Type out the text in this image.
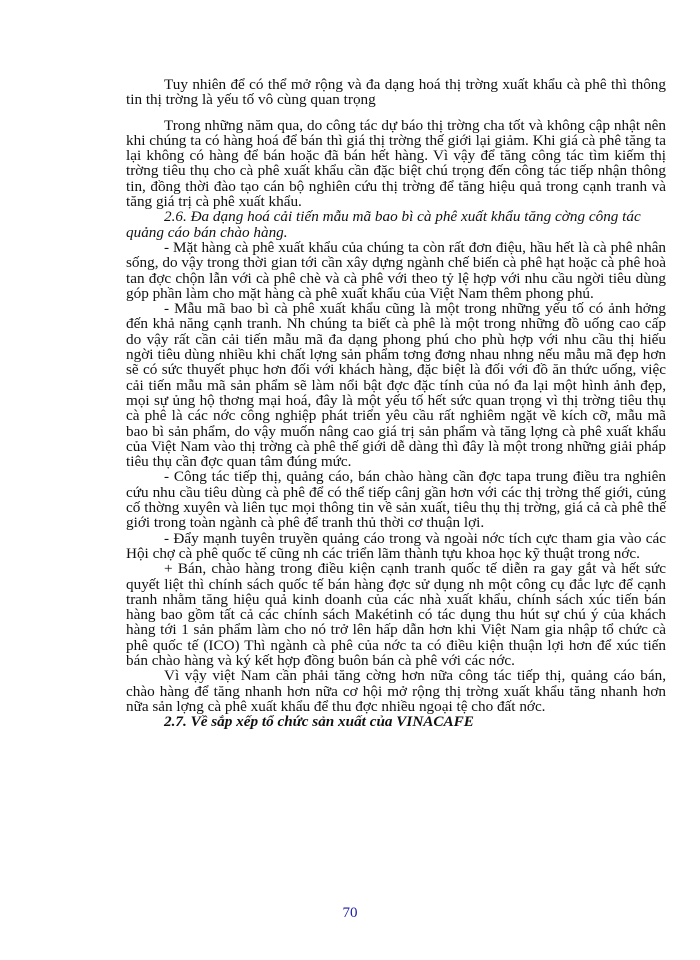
Tuy nhiên để có thể mở rộng và đa dạng hoá thị trờng xuất khẩu cà phê thì thông tin thị trờng là yếu tố vô cùng quan trọng

Trong những năm qua, do công tác dự báo thị trờng cha tốt và không cập nhật nên khi chúng ta có hàng hoá để bán thì giá thị trờng thế giới lại giảm. Khi giá cà phê tăng ta lại không có hàng để bán hoặc đã bán hết hàng. Vì vậy để tăng công tác tìm kiếm thị trờng tiêu thụ cho cà phê xuất khẩu cần đặc biệt chú trọng đến công tác tiếp nhận thông tin, đồng thời đào tạo cán bộ nghiên cứu thị trờng để tăng hiệu quả trong cạnh tranh và tăng giá trị cà phê xuất khẩu.

2.6. Đa dạng hoá cải tiến mẫu mã bao bì cà phê xuất khẩu tăng cờng công tác quảng cáo bán chào hàng.

- Mặt hàng cà phê xuất khẩu của chúng ta còn rất đơn điệu, hầu hết là cà phê nhân sống, do vậy trong thời gian tới cần xây dựng ngành chế biến cà phê hạt hoặc cà phê hoà tan đợc chộn lẫn với cà phê chè và cà phê với theo tỷ lệ hợp với nhu cầu ngời tiêu dùng góp phần làm cho mặt hàng cà phê xuất khẩu của Việt Nam thêm phong phú.

- Mẫu mã bao bì cà phê xuất khẩu cũng là một trong những yếu tố có ảnh hởng đến khả năng cạnh tranh. Nh chúng ta biết cà phê là một trong những đồ uống cao cấp do vậy rất cần cải tiến mẫu mã đa dạng phong phú cho phù hợp với nhu cầu thị hiếu ngời tiêu dùng nhiều khi chất lợng sản phẩm tơng đơng nhau nhng nếu mẫu mã đẹp hơn sẽ có sức thuyết phục hơn đối với khách hàng, đặc biệt là đối với đồ ăn thức uống, việc cải tiến mẫu mã sản phẩm sẽ làm nổi bật đợc đặc tính của nó đa lại một hình ảnh đẹp, mọi sự ủng hộ thơng mại hoá, đây là một yếu tố hết sức quan trọng vì thị trờng tiêu thụ cà phê là các nớc công nghiệp phát triển yêu cầu rất nghiêm ngặt về kích cỡ, mẫu mã bao bì sản phẩm, do vậy muốn nâng cao giá trị sản phẩm và tăng lợng cà phê xuất khẩu của Việt Nam vào thị trờng cà phê thế giới dễ dàng thì đây là một trong những giải pháp tiêu thụ cần đợc quan tâm đúng mức.

- Công tác tiếp thị, quảng cáo, bán chào hàng cần đợc tapa trung điều tra nghiên cứu nhu cầu tiêu dùng cà phê để có thể tiếp cânj gần hơn với các thị trờng thế giới, củng cố thờng xuyên và liên tục mọi thông tin về sản xuất, tiêu thụ thị trờng, giá cả cà phê thế giới trong toàn ngành cà phê để tranh thủ thời cơ thuận lợi.

- Đẩy mạnh tuyên truyền quảng cáo trong và ngoài nớc tích cực tham gia vào các Hội chợ cà phê quốc tế cũng nh các triển lãm thành tựu khoa học kỹ thuật trong nớc.

+ Bán, chào hàng trong điều kiện cạnh tranh quốc tế diễn ra gay gắt và hết sức quyết liệt thì chính sách quốc tế bán hàng đợc sử dụng nh một công cụ đắc lực để cạnh tranh nhằm tăng hiệu quả kinh doanh của các nhà xuất khẩu, chính sách xúc tiến bán hàng bao gồm tất cả các chính sách Makétinh có tác dụng thu hút sự chú ý của khách hàng tới 1 sản phẩm làm cho nó trở lên hấp dẫn hơn khi Việt Nam gia nhập tổ chức cà phê quốc tế (ICO) Thì ngành cà phê của nớc ta có điều kiện thuận lợi hơn để xúc tiến bán chào hàng và ký kết hợp đồng buôn bán cà phê với các nớc.

Vì vậy việt Nam cần phải tăng cờng hơn nữa công tác tiếp thị, quảng cáo bán, chào hàng để tăng nhanh hơn nữa cơ hội mở rộng thị trờng xuất khẩu tăng nhanh hơn nữa sản lợng cà phê xuất khẩu để thu đợc nhiều ngoại tệ cho đất nớc.

2.7. Về sắp xếp tổ chức sản xuất của VINACAFE

70
